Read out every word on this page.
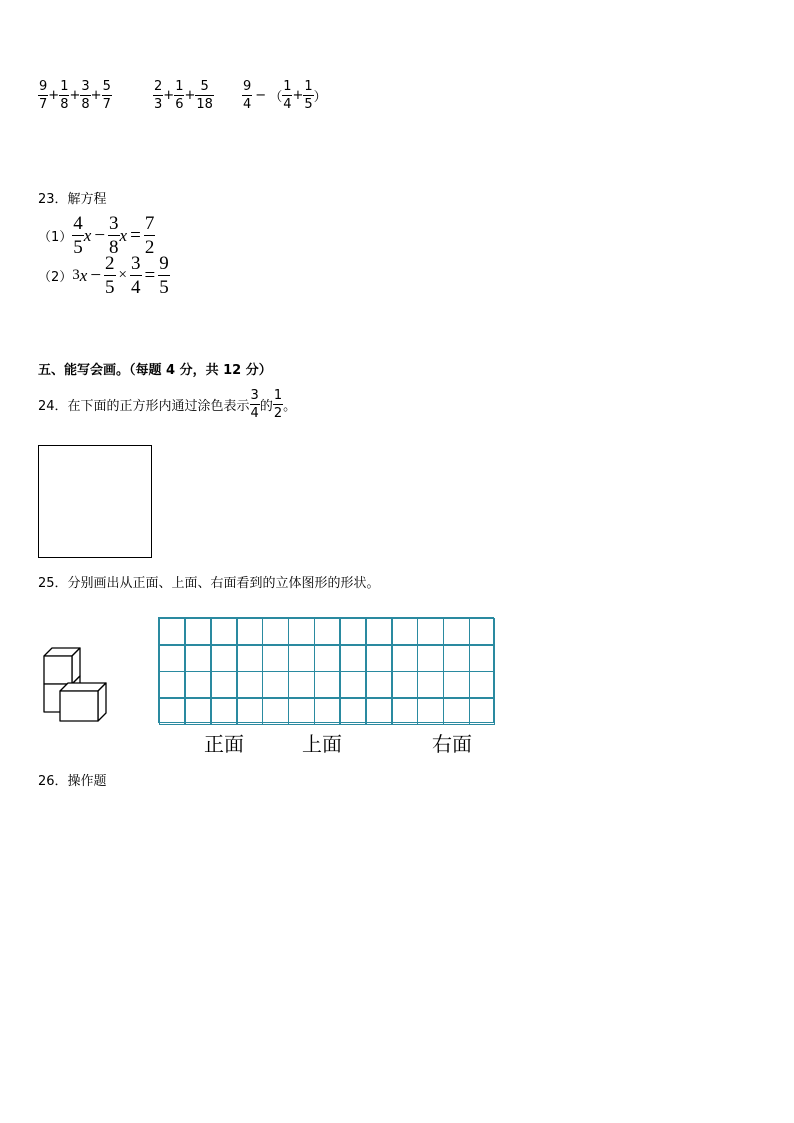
$\frac{9}{7} + \frac{1}{8} + \frac{3}{8} + \frac{5}{7}$	$\frac{2}{3} + \frac{1}{6} + \frac{5}{18} \frac{9}{4}$ − （ $\frac{1}{4} + \frac{1}{5}$ ）
23．解方程
$(1) \frac{4}{5}$ $x - \frac{3}{8}$ $x = \frac{7}{2}$
（2） 3 $x - \frac{2}{5} \times \frac{3}{4} = \frac{9}{5}$
五、能写会画。（每题 4 分，共 12 分）
24．在下面的正方形内通过涂色表示 $\frac{3}{4}$ 的 $\frac{1}{2}$ 。
25．分别画出从正面、上面、右面看到的立体图形的形状。
正面	上面	右面
26．操作题
